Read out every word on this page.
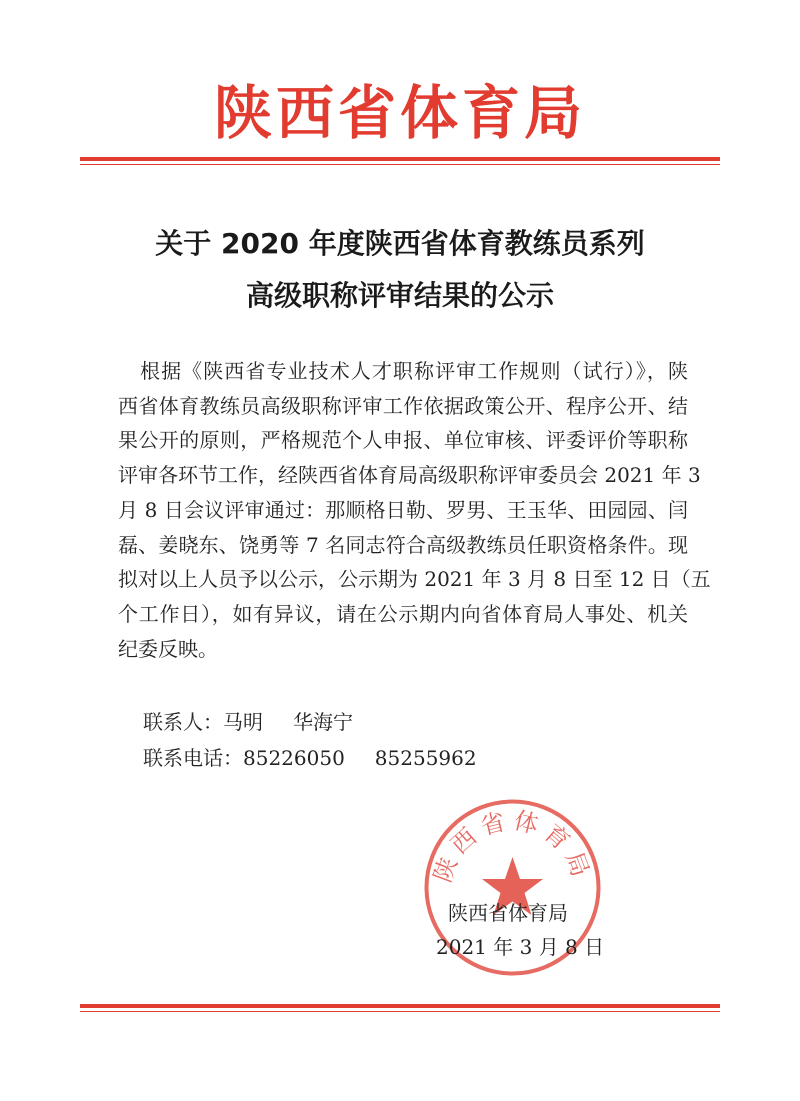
陕西省体育局
关于 2020 年度陕西省体育教练员系列
高级职称评审结果的公示
根据《陕西省专业技术人才职称评审工作规则（试行）》，陕
西省体育教练员高级职称评审工作依据政策公开、程序公开、结
果公开的原则，严格规范个人申报、单位审核、评委评价等职称
评审各环节工作，经陕西省体育局高级职称评审委员会 2021 年 3
月 8 日会议评审通过：那顺格日勒、罗男、王玉华、田园园、闫
磊、姜晓东、饶勇等 7 名同志符合高级教练员任职资格条件。现
拟对以上人员予以公示，公示期为 2021 年 3 月 8 日至 12 日（五
个工作日），如有异议，请在公示期内向省体育局人事处、机关
纪委反映。
联系人：马明 华海宁
联系电话：85226050 85255962
陕西省体育局
陕西省体育局
2021 年 3 月 8 日
